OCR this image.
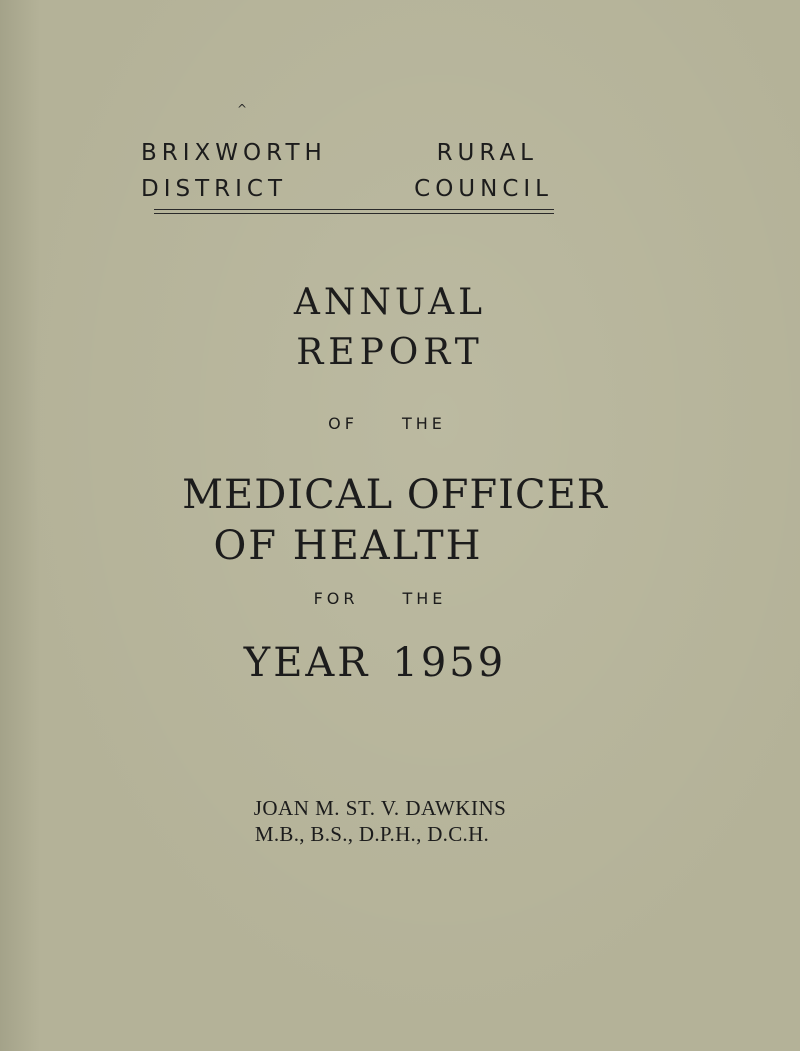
^
BRIXWORTH	RURAL
DISTRICT	COUNCIL
ANNUAL
REPORT
OF	THE
MEDICAL OFFICER
OF HEALTH
FOR	THE
YEAR 1959
JOAN M. ST. V. DAWKINS
M.B., B.S., D.P.H., D.C.H.
